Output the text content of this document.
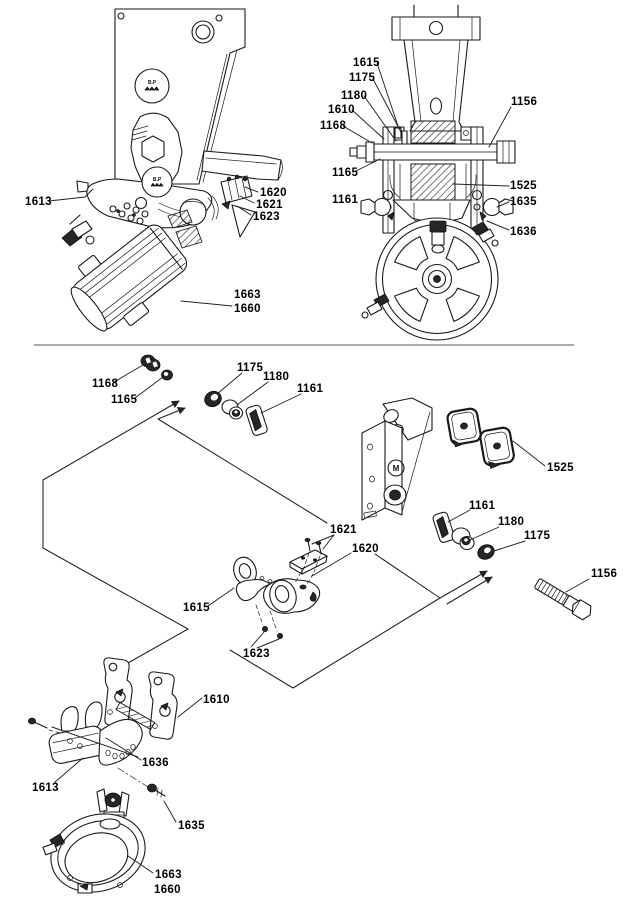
B.P
B.P
1613
1620
1621
1623
1663
1660
1615
1175
1180
1610
1168
1165
1161
1156
1525
1635
1636
M
1168
1165
1175
1180
1161
1525
1161
1180
1175
1156
1621
1620
1615
1623
1610
1636
1613
1635
1663
1660
